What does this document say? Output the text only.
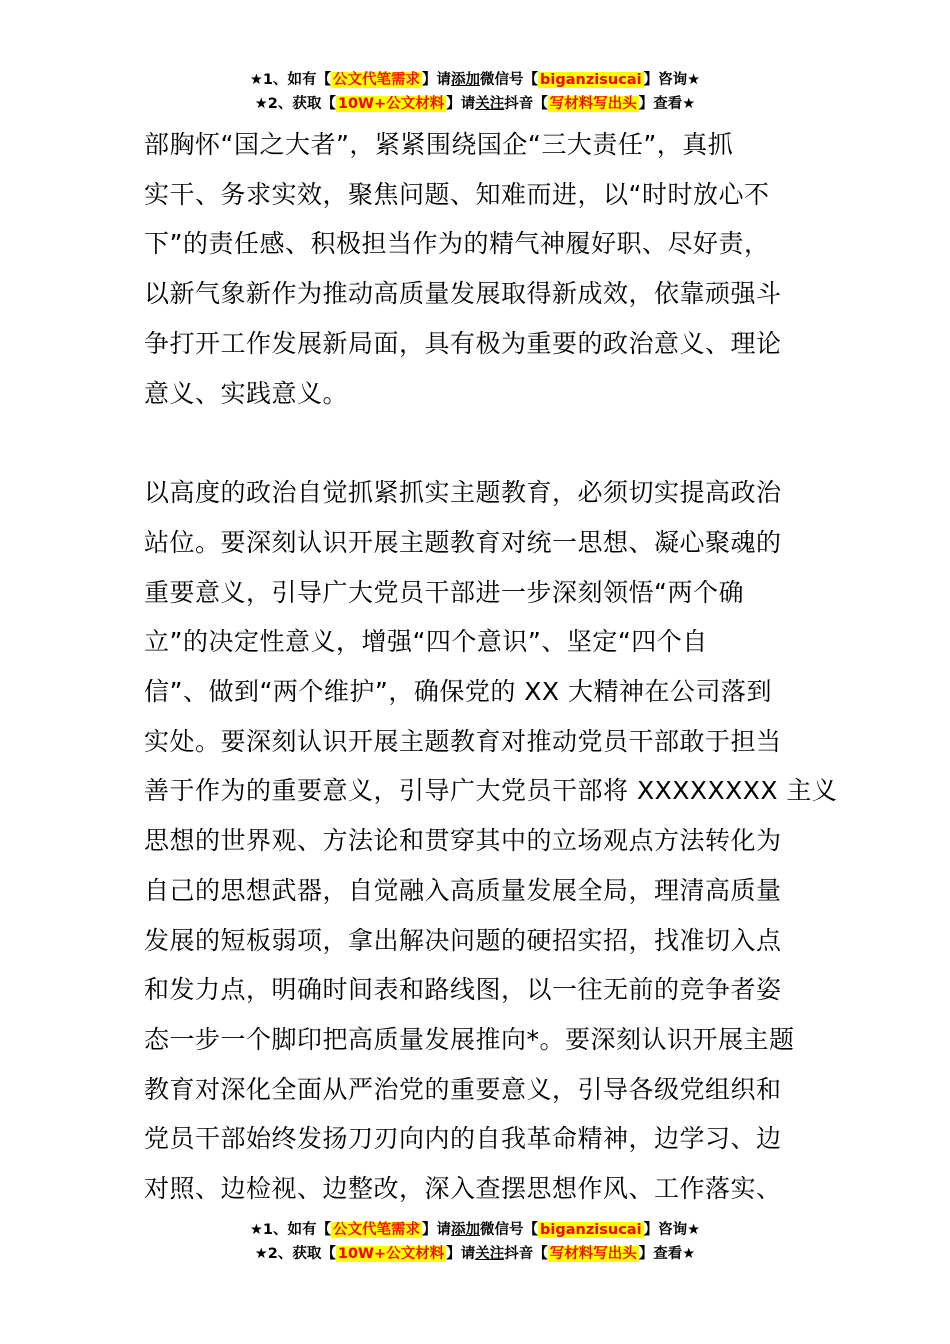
★1、如有【 公文代笔需求 】请添加微信号【 biganzisucai 】咨询★
★2、获取【 10W+公文材料 】请关注抖音【 写材料写出头 】查看★

部胸怀“国之大者”，紧紧围绕国企“三大责任”，真抓
实干、务求实效，聚焦问题、知难而进，以“时时放心不
下”的责任感、积极担当作为的精气神履好职、尽好责，
以新气象新作为推动高质量发展取得新成效，依靠顽强斗
争打开工作发展新局面，具有极为重要的政治意义、理论
意义、实践意义。

以高度的政治自觉抓紧抓实主题教育，必须切实提高政治
站位。要深刻认识开展主题教育对统一思想、凝心聚魂的
重要意义，引导广大党员干部进一步深刻领悟“两个确
立”的决定性意义，增强“四个意识”、坚定“四个自
信”、做到“两个维护”，确保党的 XX 大精神在公司落到
实处。要深刻认识开展主题教育对推动党员干部敢于担当
善于作为的重要意义，引导广大党员干部将 XXXXXXXX 主义
思想的世界观、方法论和贯穿其中的立场观点方法转化为
自己的思想武器，自觉融入高质量发展全局，理清高质量
发展的短板弱项，拿出解决问题的硬招实招，找准切入点
和发力点，明确时间表和路线图，以一往无前的竞争者姿
态一步一个脚印把高质量发展推向*。要深刻认识开展主题
教育对深化全面从严治党的重要意义，引导各级党组织和
党员干部始终发扬刀刃向内的自我革命精神，边学习、边
对照、边检视、边整改，深入查摆思想作风、工作落实、

★1、如有【 公文代笔需求 】请添加微信号【 biganzisucai 】咨询★
★2、获取【 10W+公文材料 】请关注抖音【 写材料写出头 】查看★
